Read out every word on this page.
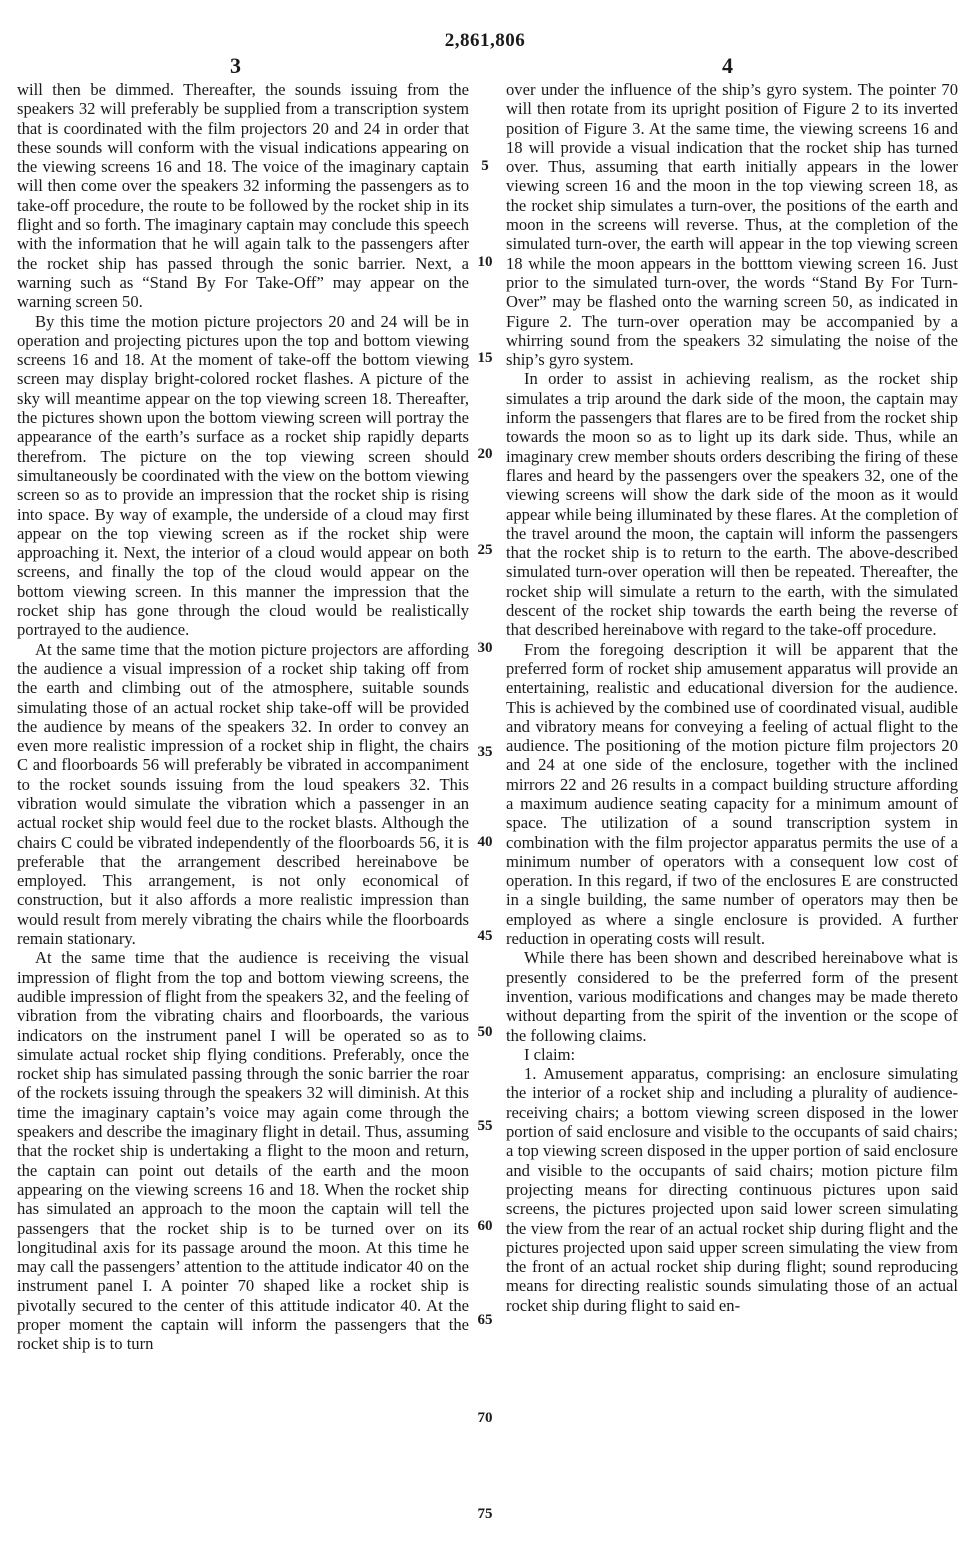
2,861,806
3	4

will then be dimmed. Thereafter, the sounds issuing from the speakers 32 will preferably be supplied from a transcription system that is coordinated with the film projectors 20 and 24 in order that these sounds will conform with the visual indications appearing on the viewing screens 16 and 18. The voice of the imaginary captain will then come over the speakers 32 informing the passengers as to take-off procedure, the route to be followed by the rocket ship in its flight and so forth. The imaginary captain may conclude this speech with the information that he will again talk to the passengers after the rocket ship has passed through the sonic barrier. Next, a warning such as “Stand By For Take-Off” may appear on the warning screen 50.

By this time the motion picture projectors 20 and 24 will be in operation and projecting pictures upon the top and bottom viewing screens 16 and 18. At the moment of take-off the bottom viewing screen may display bright-colored rocket flashes. A picture of the sky will meantime appear on the top viewing screen 18. Thereafter, the pictures shown upon the bottom viewing screen will portray the appearance of the earth’s surface as a rocket ship rapidly departs therefrom. The picture on the top viewing screen should simultaneously be coordinated with the view on the bottom viewing screen so as to provide an impression that the rocket ship is rising into space. By way of example, the underside of a cloud may first appear on the top viewing screen as if the rocket ship were approaching it. Next, the interior of a cloud would appear on both screens, and finally the top of the cloud would appear on the bottom viewing screen. In this manner the impression that the rocket ship has gone through the cloud would be realistically portrayed to the audience.

At the same time that the motion picture projectors are affording the audience a visual impression of a rocket ship taking off from the earth and climbing out of the atmosphere, suitable sounds simulating those of an actual rocket ship take-off will be provided the audience by means of the speakers 32. In order to convey an even more realistic impression of a rocket ship in flight, the chairs C and floorboards 56 will preferably be vibrated in accompaniment to the rocket sounds issuing from the loud speakers 32. This vibration would simulate the vibration which a passenger in an actual rocket ship would feel due to the rocket blasts. Although the chairs C could be vibrated independently of the floorboards 56, it is preferable that the arrangement described hereinabove be employed. This arrangement, is not only economical of construction, but it also affords a more realistic impression than would result from merely vibrating the chairs while the floorboards remain stationary.

At the same time that the audience is receiving the visual impression of flight from the top and bottom viewing screens, the audible impression of flight from the speakers 32, and the feeling of vibration from the vibrating chairs and floorboards, the various indicators on the instrument panel I will be operated so as to simulate actual rocket ship flying conditions. Preferably, once the rocket ship has simulated passing through the sonic barrier the roar of the rockets issuing through the speakers 32 will diminish. At this time the imaginary captain’s voice may again come through the speakers and describe the imaginary flight in detail. Thus, assuming that the rocket ship is undertaking a flight to the moon and return, the captain can point out details of the earth and the moon appearing on the viewing screens 16 and 18. When the rocket ship has simulated an approach to the moon the captain will tell the passengers that the rocket ship is to be turned over on its longitudinal axis for its passage around the moon. At this time he may call the passengers’ attention to the attitude indicator 40 on the instrument panel I. A pointer 70 shaped like a rocket ship is pivotally secured to the center of this attitude indicator 40. At the proper moment the captain will inform the passengers that the rocket ship is to turn

5
10
15
20
25
30
35
40
45
50
55
60
65
70
75

over under the influence of the ship’s gyro system. The pointer 70 will then rotate from its upright position of Figure 2 to its inverted position of Figure 3. At the same time, the viewing screens 16 and 18 will provide a visual indication that the rocket ship has turned over. Thus, assuming that earth initially appears in the lower viewing screen 16 and the moon in the top viewing screen 18, as the rocket ship simulates a turn-over, the positions of the earth and moon in the screens will reverse. Thus, at the completion of the simulated turn-over, the earth will appear in the top viewing screen 18 while the moon appears in the botttom viewing screen 16. Just prior to the simulated turn-over, the words “Stand By For Turn-Over” may be flashed onto the warning screen 50, as indicated in Figure 2. The turn-over operation may be accompanied by a whirring sound from the speakers 32 simulating the noise of the ship’s gyro system.

In order to assist in achieving realism, as the rocket ship simulates a trip around the dark side of the moon, the captain may inform the passengers that flares are to be fired from the rocket ship towards the moon so as to light up its dark side. Thus, while an imaginary crew member shouts orders describing the firing of these flares and heard by the passengers over the speakers 32, one of the viewing screens will show the dark side of the moon as it would appear while being illuminated by these flares. At the completion of the travel around the moon, the captain will inform the passengers that the rocket ship is to return to the earth. The above-described simulated turn-over operation will then be repeated. Thereafter, the rocket ship will simulate a return to the earth, with the simulated descent of the rocket ship towards the earth being the reverse of that described hereinabove with regard to the take-off procedure.

From the foregoing description it will be apparent that the preferred form of rocket ship amusement apparatus will provide an entertaining, realistic and educational diversion for the audience. This is achieved by the combined use of coordinated visual, audible and vibratory means for conveying a feeling of actual flight to the audience. The positioning of the motion picture film projectors 20 and 24 at one side of the enclosure, together with the inclined mirrors 22 and 26 results in a compact building structure affording a maximum audience seating capacity for a minimum amount of space. The utilization of a sound transcription system in combination with the film projector apparatus permits the use of a minimum number of operators with a consequent low cost of operation. In this regard, if two of the enclosures E are constructed in a single building, the same number of operators may then be employed as where a single enclosure is provided. A further reduction in operating costs will result.

While there has been shown and described hereinabove what is presently considered to be the preferred form of the present invention, various modifications and changes may be made thereto without departing from the spirit of the invention or the scope of the following claims.

I claim:

1. Amusement apparatus, comprising: an enclosure simulating the interior of a rocket ship and including a plurality of audience-receiving chairs; a bottom viewing screen disposed in the lower portion of said enclosure and visible to the occupants of said chairs; a top viewing screen disposed in the upper portion of said enclosure and visible to the occupants of said chairs; motion picture film projecting means for directing continuous pictures upon said screens, the pictures projected upon said lower screen simulating the view from the rear of an actual rocket ship during flight and the pictures projected upon said upper screen simulating the view from the front of an actual rocket ship during flight; sound reproducing means for directing realistic sounds simulating those of an actual rocket ship during flight to said en-
